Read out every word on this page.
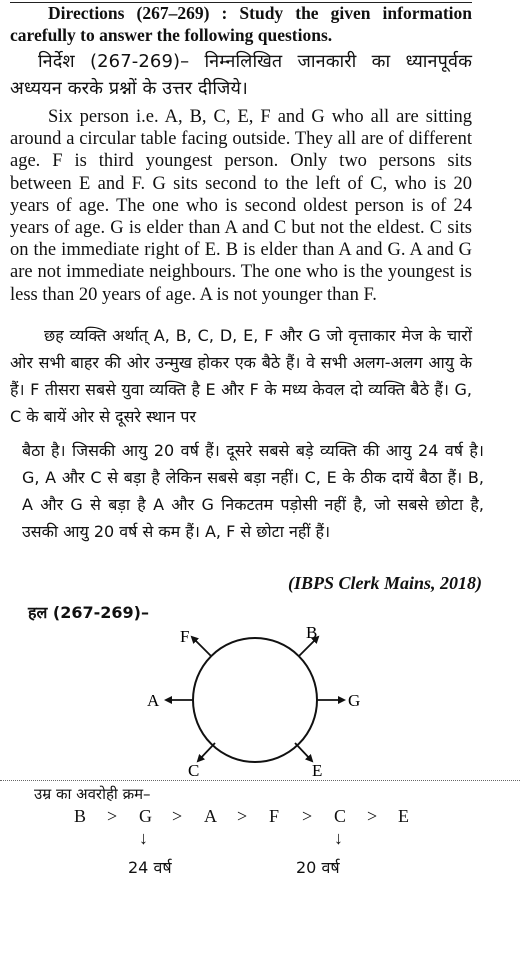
Directions (267–269) : Study the given information carefully to answer the following questions.
निर्देश (267-269)– निम्नलिखित जानकारी का ध्यानपूर्वक अध्ययन करके प्रश्नों के उत्तर दीजिये।

Six person i.e. A, B, C, E, F and G who all are sitting around a circular table facing outside. They all are of different age. F is third youngest person. Only two persons sits between E and F. G sits second to the left of C, who is 20 years of age. The one who is second oldest person is of 24 years of age. G is elder than A and C but not the eldest. C sits on the immediate right of E. B is elder than A and G. A and G are not immediate neighbours. The one who is the youngest is less than 20 years of age. A is not younger than F.

छह व्यक्ति अर्थात् A, B, C, D, E, F और G जो वृत्ताकार मेज के चारों ओर सभी बाहर की ओर उन्मुख होकर एक बैठे हैं। वे सभी अलग-अलग आयु के हैं। F तीसरा सबसे युवा व्यक्ति है E और F के मध्य केवल दो व्यक्ति बैठे हैं। G, C के बायें ओर से दूसरे स्थान पर

बैठा है। जिसकी आयु 20 वर्ष हैं। दूसरे सबसे बड़े व्यक्ति की आयु 24 वर्ष है। G, A और C से बड़ा है लेकिन सबसे बड़ा नहीं। C, E के ठीक दायें बैठा हैं। B, A और G से बड़ा है A और G निकटतम पड़ोसी नहीं है, जो सबसे छोटा है, उसकी आयु 20 वर्ष से कम हैं। A, F से छोटा नहीं हैं।

(IBPS Clerk Mains, 2018)
हल (267-269)–
F	B
A	G
C	E
उम्र का अवरोही क्रम–
B > G > A > F > C > E
↓	↓
24 वर्ष	20 वर्ष
